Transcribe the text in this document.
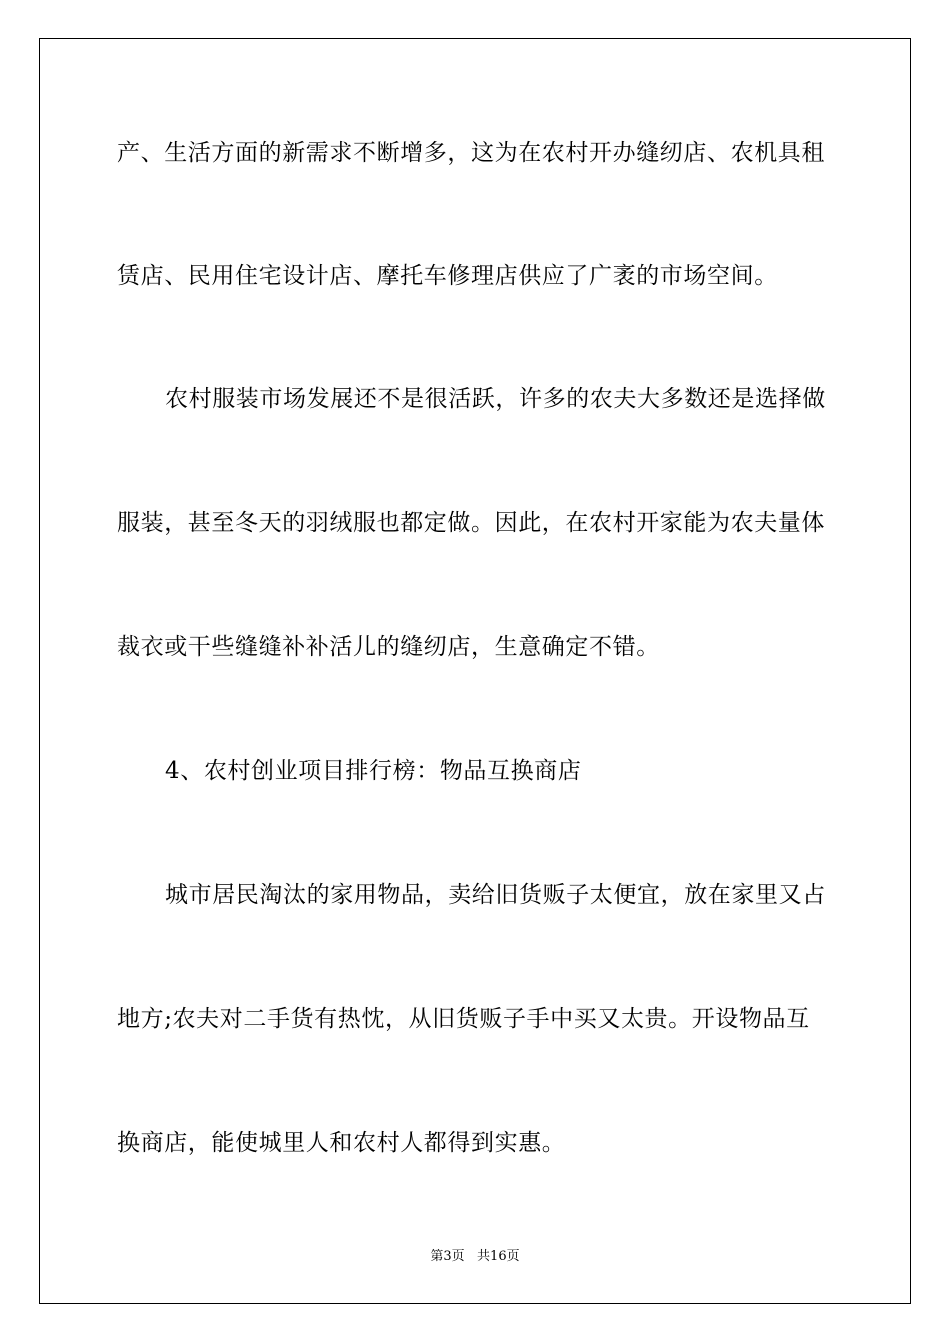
产、生活方面的新需求不断增多，这为在农村开办缝纫店、农机具租
赁店、民用住宅设计店、摩托车修理店供应了广袤的市场空间。
农村服装市场发展还不是很活跃，许多的农夫大多数还是选择做
服装，甚至冬天的羽绒服也都定做。因此，在农村开家能为农夫量体
裁衣或干些缝缝补补活儿的缝纫店，生意确定不错。
4、农村创业项目排行榜：物品互换商店
城市居民淘汰的家用物品，卖给旧货贩子太便宜，放在家里又占
地方;农夫对二手货有热忱，从旧货贩子手中买又太贵。开设物品互
换商店，能使城里人和农村人都得到实惠。
第3页   共16页
